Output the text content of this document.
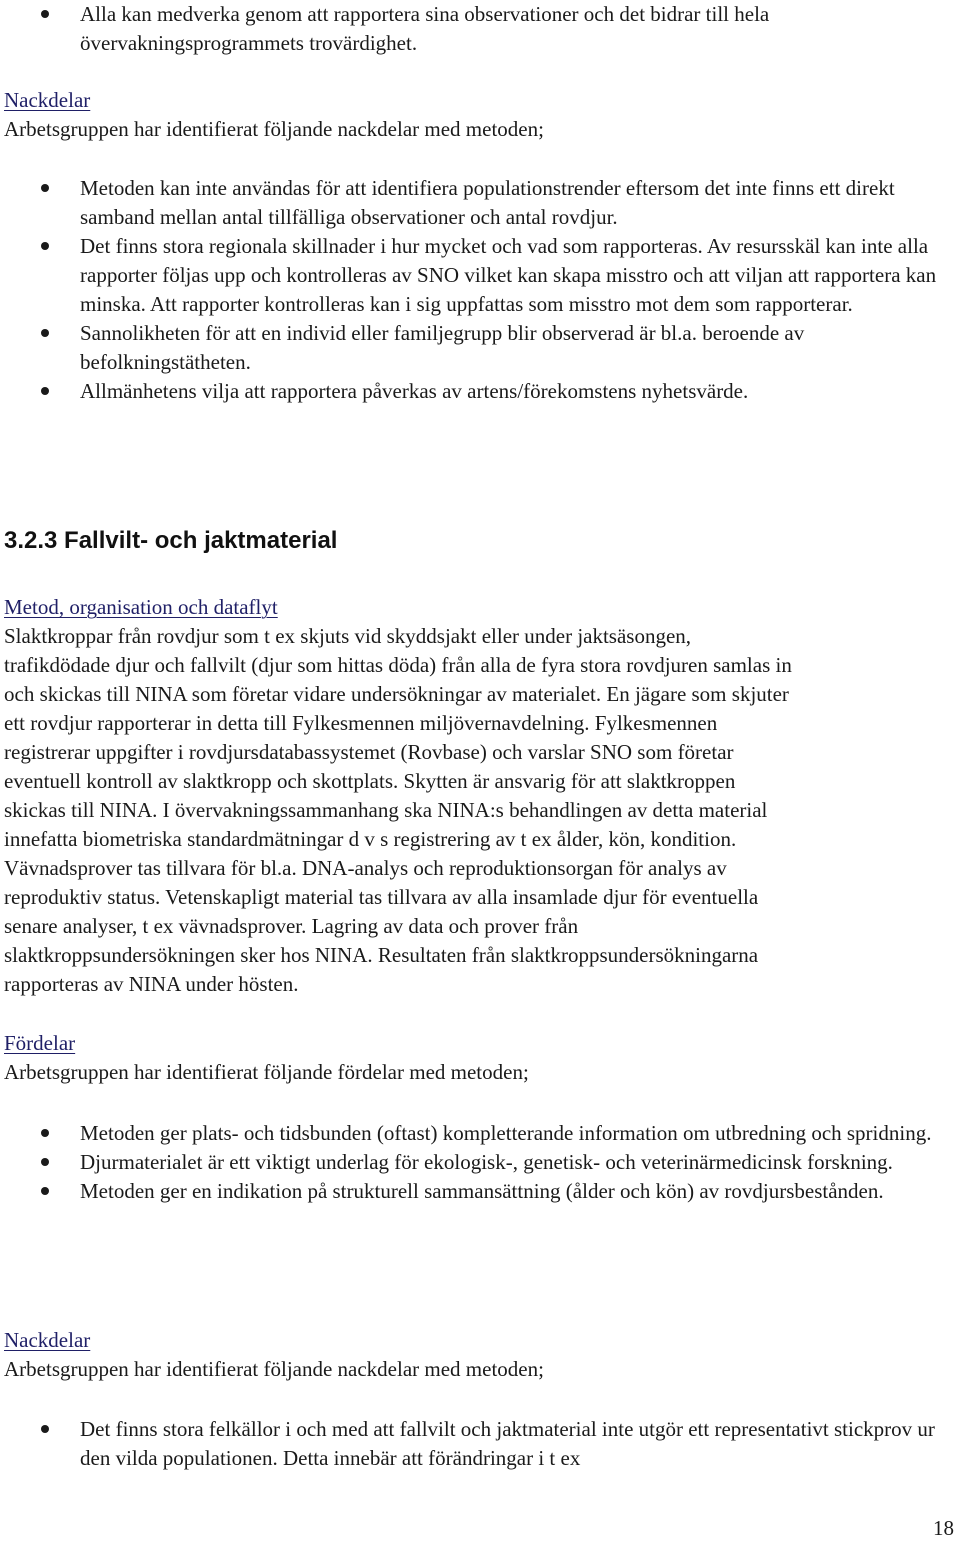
Alla kan medverka genom att rapportera sina observationer och det bidrar till hela övervakningsprogrammets trovärdighet.

Nackdelar

Arbetsgruppen har identifierat följande nackdelar med metoden;

Metoden kan inte användas för att identifiera populationstrender eftersom det inte finns ett direkt samband mellan antal tillfälliga observationer och antal rovdjur.
Det finns stora regionala skillnader i hur mycket och vad som rapporteras. Av resursskäl kan inte alla rapporter följas upp och kontrolleras av SNO vilket kan skapa misstro och att viljan att rapportera kan minska. Att rapporter kontrolleras kan i sig uppfattas som misstro mot dem som rapporterar.
Sannolikheten för att en individ eller familjegrupp blir observerad är bl.a. beroende av befolkningstätheten.
Allmänhetens vilja att rapportera påverkas av artens/förekomstens nyhetsvärde.
3.2.3 Fallvilt- och jaktmaterial

Metod, organisation och dataflyt

Slaktkroppar från rovdjur som t ex skjuts vid skyddsjakt eller under jaktsäsongen,
trafikdödade djur och fallvilt (djur som hittas döda) från alla de fyra stora rovdjuren samlas in
och skickas till NINA som företar vidare undersökningar av materialet. En jägare som skjuter
ett rovdjur rapporterar in detta till Fylkesmennen miljövernavdelning. Fylkesmennen
registrerar uppgifter i rovdjursdatabassystemet (Rovbase) och varslar SNO som företar
eventuell kontroll av slaktkropp och skottplats. Skytten är ansvarig för att slaktkroppen
skickas till NINA. I övervakningssammanhang ska NINA:s behandlingen av detta material
innefatta biometriska standardmätningar d v s registrering av t ex ålder, kön, kondition.
Vävnadsprover tas tillvara för bl.a. DNA-analys och reproduktionsorgan för analys av
reproduktiv status. Vetenskapligt material tas tillvara av alla insamlade djur för eventuella
senare analyser, t ex vävnadsprover. Lagring av data och prover från
slaktkroppsundersökningen sker hos NINA. Resultaten från slaktkroppsundersökningarna
rapporteras av NINA under hösten.

Fördelar

Arbetsgruppen har identifierat följande fördelar med metoden;

Metoden ger plats- och tidsbunden (oftast) kompletterande information om utbredning och spridning.
Djurmaterialet är ett viktigt underlag för ekologisk-, genetisk- och veterinärmedicinsk forskning.
Metoden ger en indikation på strukturell sammansättning (ålder och kön) av rovdjursbestånden.

Nackdelar

Arbetsgruppen har identifierat följande nackdelar med metoden;

Det finns stora felkällor i och med att fallvilt och jaktmaterial inte utgör ett representativt stickprov ur den vilda populationen. Detta innebär att förändringar i t ex
18
